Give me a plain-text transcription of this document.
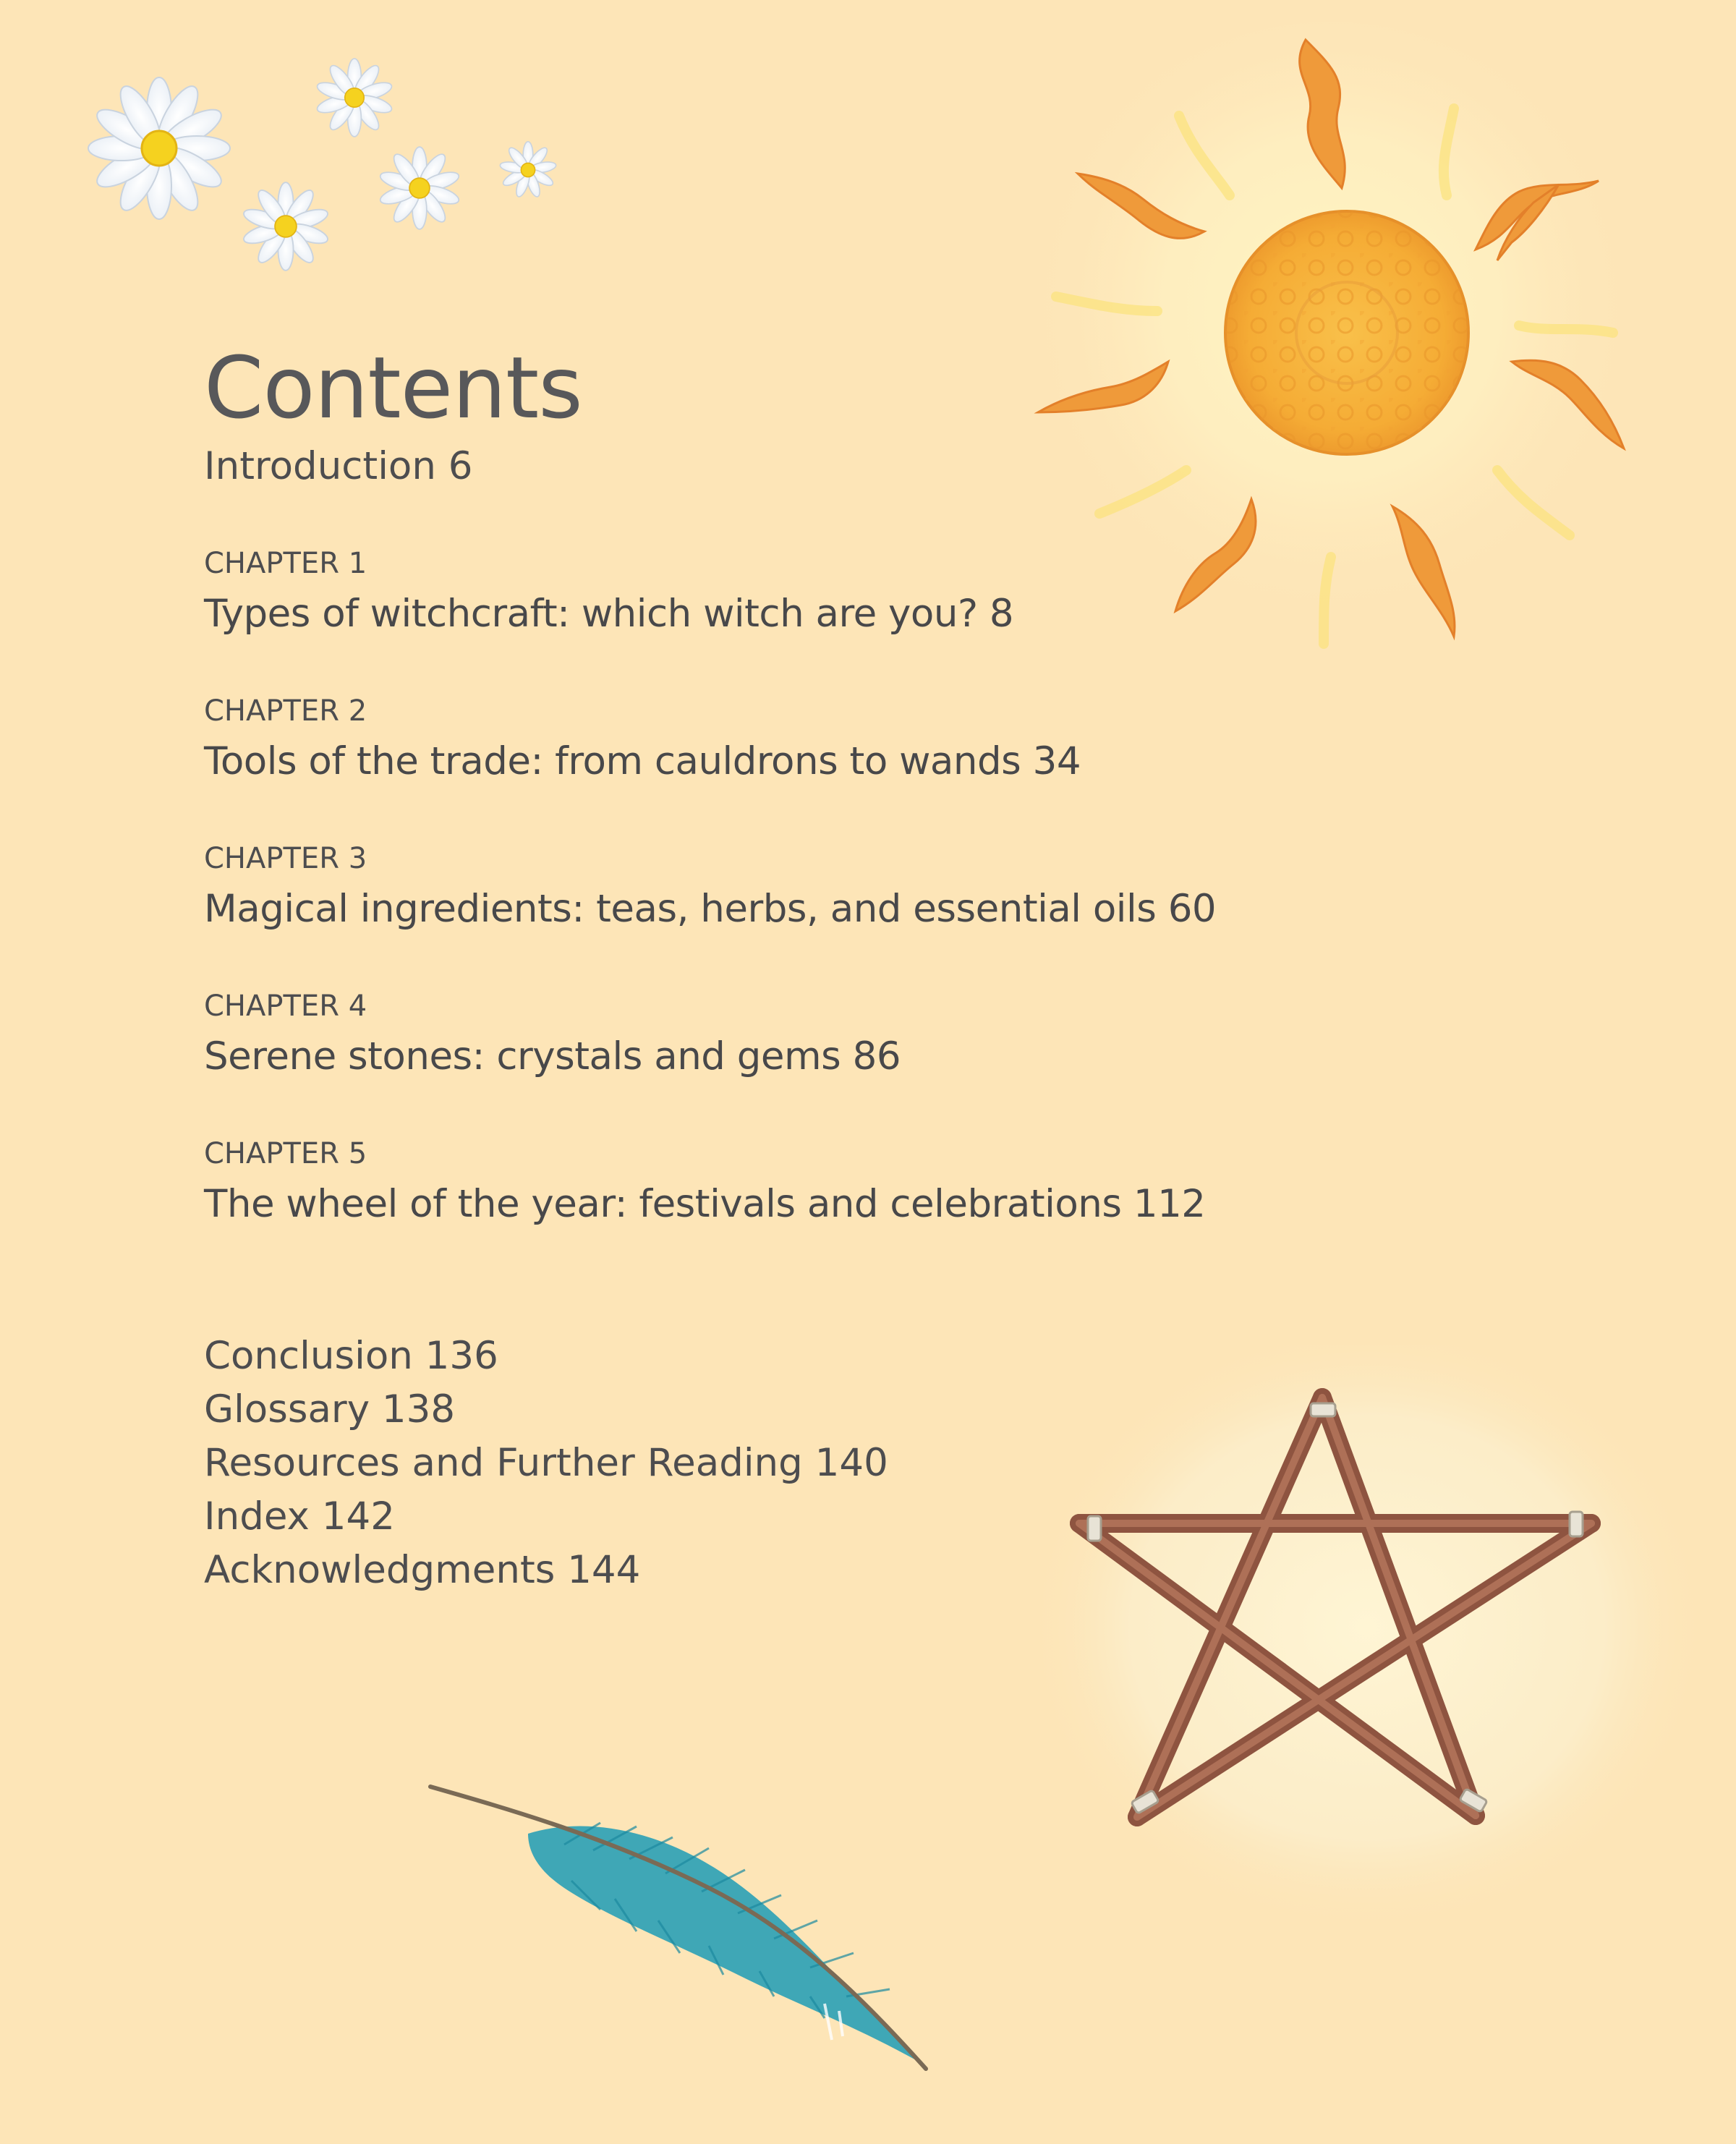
Contents
Introduction 6
CHAPTER 1
Types of witchcraft: which witch are you? 8
CHAPTER 2
Tools of the trade: from cauldrons to wands 34
CHAPTER 3
Magical ingredients: teas, herbs, and essential oils 60
CHAPTER 4
Serene stones: crystals and gems 86
CHAPTER 5
The wheel of the year: festivals and celebrations 112
Conclusion 136
Glossary 138
Resources and Further Reading 140
Index 142
Acknowledgments 144
